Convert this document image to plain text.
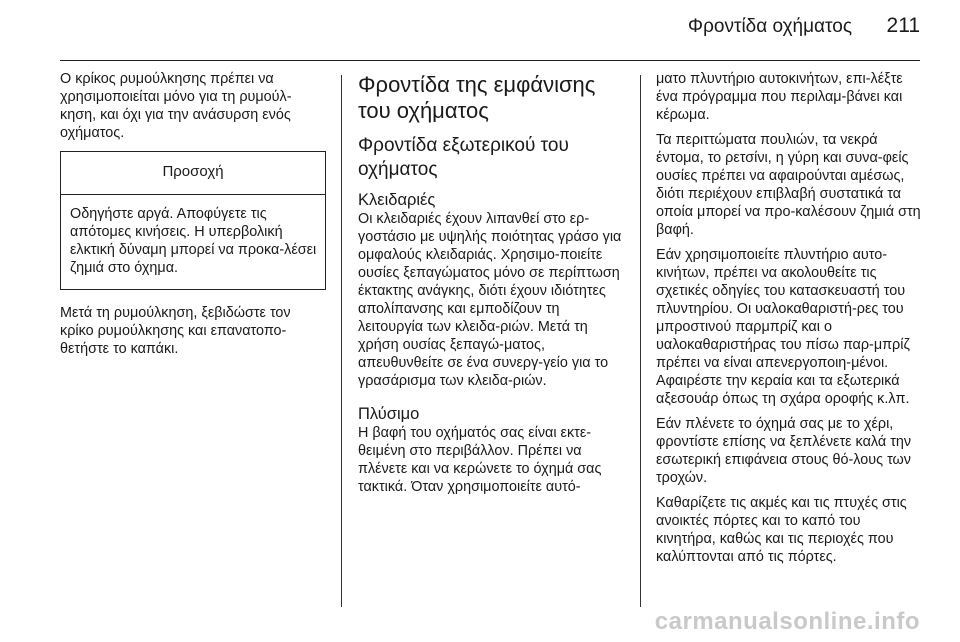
Φροντίδα οχήματος 211

Ο κρίκος ρυμούλκησης πρέπει να χρησιμοποιείται μόνο για τη ρυμούλ-κηση, και όχι για την ανάσυρση ενός οχήματος.

Προσοχή
Οδηγήστε αργά. Αποφύγετε τις απότομες κινήσεις. Η υπερβολική ελκτική δύναμη μπορεί να προκα-λέσει ζημιά στο όχημα.

Μετά τη ρυμούλκηση, ξεβιδώστε τον κρίκο ρυμούλκησης και επανατοπο-θετήστε το καπάκι.

Φροντίδα της εμφάνισης του οχήματος
Φροντίδα εξωτερικού του οχήματος
Κλειδαριές

Οι κλειδαριές έχουν λιπανθεί στο ερ-γοστάσιο με υψηλής ποιότητας γράσο για ομφαλούς κλειδαριάς. Χρησιμο-ποιείτε ουσίες ξεπαγώματος μόνο σε περίπτωση έκτακτης ανάγκης, διότι έχουν ιδιότητες απολίπανσης και εμποδίζουν τη λειτουργία των κλειδα-ριών. Μετά τη χρήση ουσίας ξεπαγώ-ματος, απευθυνθείτε σε ένα συνεργ-γείο για το γρασάρισμα των κλειδα-ριών.

Πλύσιμο

Η βαφή του οχήματός σας είναι εκτε-θειμένη στο περιβάλλον. Πρέπει να πλένετε και να κερώνετε το όχημά σας τακτικά. Όταν χρησιμοποιείτε αυτό-

ματο πλυντήριο αυτοκινήτων, επι-λέξτε ένα πρόγραμμα που περιλαμ-βάνει και κέρωμα.

Τα περιττώματα πουλιών, τα νεκρά έντομα, το ρετσίνι, η γύρη και συνα-φείς ουσίες πρέπει να αφαιρούνται αμέσως, διότι περιέχουν επιβλαβή συστατικά τα οποία μπορεί να προ-καλέσουν ζημιά στη βαφή.

Εάν χρησιμοποιείτε πλυντήριο αυτο-κινήτων, πρέπει να ακολουθείτε τις σχετικές οδηγίες του κατασκευαστή του πλυντηρίου. Οι υαλοκαθαριστή-ρες του μπροστινού παρμπρίζ και ο υαλοκαθαριστήρας του πίσω παρ-μπρίζ πρέπει να είναι απενεργοποιη-μένοι. Αφαιρέστε την κεραία και τα εξωτερικά αξεσουάρ όπως τη σχάρα οροφής κ.λπ.

Εάν πλένετε το όχημά σας με το χέρι, φροντίστε επίσης να ξεπλένετε καλά την εσωτερική επιφάνεια στους θό-λους των τροχών.

Καθαρίζετε τις ακμές και τις πτυχές στις ανοικτές πόρτες και το καπό του κινητήρα, καθώς και τις περιοχές που καλύπτονται από τις πόρτες.

carmanualsonline.info
